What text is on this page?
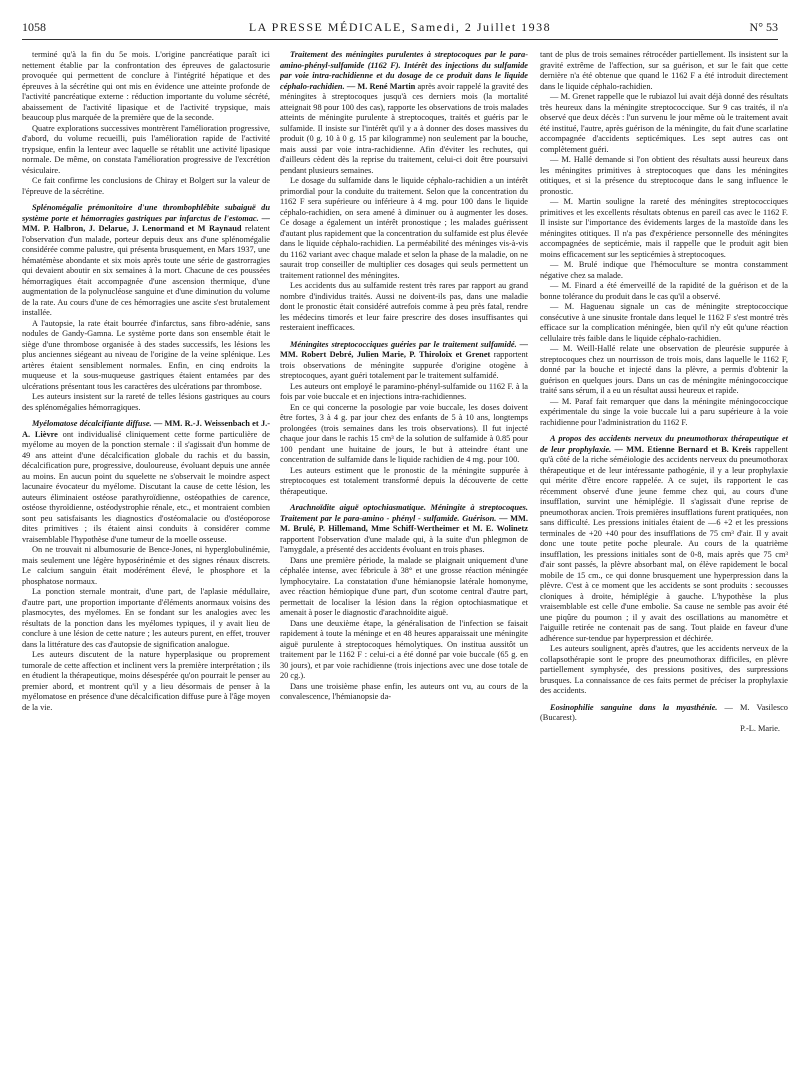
1058	LA PRESSE MÉDICALE, Samedi, 2 Juillet 1938	N° 53

terminé qu'à la fin du 5e mois. L'origine pancréatique paraît ici nettement établie par la confrontation des épreuves de galactosurie provoquée qui permettent de conclure à l'intégrité hépatique et des épreuves à la sécrétine qui ont mis en évidence une atteinte profonde de l'activité pancréatique externe : réduction importante du volume sécrété, abaissement de l'activité lipasique et de l'activité trypsique, mais beaucoup plus marquée de la première que de la seconde.

Quatre explorations successives montrèrent l'amélioration progressive, d'abord, du volume recueilli, puis l'amélioration rapide de l'activité trypsique, enfin la lenteur avec laquelle se rétablit une activité lipasique normale. De même, on constata l'amélioration progressive de l'excrétion vésiculaire.

Ce fait confirme les conclusions de Chiray et Bolgert sur la valeur de l'épreuve de la sécrétine.

Splénomégalie prémonitoire d'une thrombophlébite subaiguë du système porte et hémorragies gastriques par infarctus de l'estomac. — MM. P. Halbron, J. Delarue, J. Lenormand et M Raynaud relatent l'observation d'un malade, porteur depuis deux ans d'une splénomégalie considérée comme palustre, qui présenta brusquement, en Mars 1937, une hématémèse abondante et six mois après toute une série de gastrorragies qui devaient aboutir en six semaines à la mort. Chacune de ces poussées hémorragiques était accompagnée d'une ascension thermique, d'une augmentation de la polynucléose sanguine et d'une diminution du volume de la rate. Au cours d'une de ces hémorragies une ascite s'est brutalement installée.

A l'autopsie, la rate était bourrée d'infarctus, sans fibro-adénie, sans nodules de Gandy-Gamna. Le système porte dans son ensemble était le siège d'une thrombose organisée à des stades successifs, les lésions les plus anciennes siégeant au niveau de l'origine de la veine splénique. Les artères étaient sensiblement normales. Enfin, en cinq endroits la muqueuse et la sous-muqueuse gastriques étaient entamées par des ulcérations présentant tous les caractères des ulcérations par thrombose.

Les auteurs insistent sur la rareté de telles lésions gastriques au cours des splénomégalies hémorragiques.

Myélomatose décalcifiante diffuse. — MM. R.-J. Weissenbach et J.-A. Lièvre ont individualisé cliniquement cette forme particulière de myélome au moyen de la ponction sternale : il s'agissait d'un homme de 49 ans atteint d'une décalcification globale du rachis et du bassin, décalcification pure, progressive, douloureuse, évoluant depuis une année au moins. En aucun point du squelette ne s'observait le moindre aspect lacunaire évocateur du myélome. Discutant la cause de cette lésion, les auteurs éliminaient ostéose parathyroïdienne, ostéopathies de carence, ostéose thyroïdienne, ostéodystrophie rénale, etc., et montraient combien sont peu satisfaisants les diagnostics d'ostéomalacie ou d'ostéoporose dites primitives ; ils étaient ainsi conduits à considérer comme vraisemblable l'hypothèse d'une tumeur de la moelle osseuse.

On ne trouvait ni albumosurie de Bence-Jones, ni hyperglobulinémie, mais seulement une légère hyposérinémie et des signes rénaux discrets. Le calcium sanguin était modérément élevé, le phosphore et la phosphatose normaux.

La ponction sternale montrait, d'une part, de l'aplasie médullaire, d'autre part, une proportion importante d'éléments anormaux voisins des plasmocytes, des myélomes. En se fondant sur les analogies avec les résultats de la ponction dans les myélomes typiques, il y avait lieu de conclure à une lésion de cette nature ; les auteurs purent, en effet, trouver dans la littérature des cas d'autopsie de signification analogue.

Les auteurs discutent de la nature hyperplasique ou proprement tumorale de cette affection et inclinent vers la première interprétation ; ils en étudient la thérapeutique, moins désespérée qu'on pourrait le penser au premier abord, et montrent qu'il y a lieu désormais de penser à la myélomatose en présence d'une décalcification diffuse pure à l'âge moyen de la vie.

Traitement des méningites purulentes à streptocoques par le para-amino-phényl-sulfamide (1162 F). Intérêt des injections du sulfamide par voie intra-rachidienne et du dosage de ce produit dans le liquide céphalo-rachidien. — M. René Martin après avoir rappelé la gravité des méningites à streptocoques jusqu'à ces derniers mois (la mortalité atteignait 98 pour 100 des cas), rapporte les observations de trois malades atteints de méningite purulente à streptocoques, traités et guéris par le sulfamide. Il insiste sur l'intérêt qu'il y a à donner des doses massives du produit (0 g. 10 à 0 g. 15 par kilogramme) non seulement par la bouche, mais aussi par voie intra-rachidienne. Afin d'éviter les rechutes, qui d'ailleurs cèdent dès la reprise du traitement, celui-ci doit être poursuivi pendant plusieurs semaines.

Le dosage du sulfamide dans le liquide céphalo-rachidien a un intérêt primordial pour la conduite du traitement. Selon que la concentration du 1162 F sera supérieure ou inférieure à 4 mg. pour 100 dans le liquide céphalo-rachidien, on sera amené à diminuer ou à augmenter les doses. Ce dosage a également un intérêt pronostique ; les malades guérissent d'autant plus rapidement que la concentration du sulfamide est plus élevée dans le liquide céphalo-rachidien. La perméabilité des méninges vis-à-vis du 1162 variant avec chaque malade et selon la phase de la maladie, on ne saurait trop conseiller de multiplier ces dosages qui seuls permettent un traitement rationnel des méningites.

Les accidents dus au sulfamide restent très rares par rapport au grand nombre d'individus traités. Aussi ne doivent-ils pas, dans une maladie dont le pronostic était considéré autrefois comme à peu près fatal, rendre les médecins timorés et leur faire prescrire des doses insuffisantes qui resteraient inefficaces.

Méningites streptococciques guéries par le traitement sulfamidé. — MM. Robert Debré, Julien Marie, P. Thiroloix et Grenet rapportent trois observations de méningite suppurée d'origine otogène à streptocoques, ayant guéri totalement par le traitement sulfamidé.

Les auteurs ont employé le paramino-phényl-sulfamide ou 1162 F. à la fois par voie buccale et en injections intra-rachidiennes.

En ce qui concerne la posologie par voie buccale, les doses doivent être fortes, 3 à 4 g. par jour chez des enfants de 5 à 10 ans, longtemps prolongées (trois semaines dans les trois observations). Il fut injecté chaque jour dans le rachis 15 cm³ de la solution de sulfamide à 0.85 pour 100 pendant une huitaine de jours, le but à atteindre étant une concentration de sulfamide dans le liquide rachidien de 4 mg. pour 100.

Les auteurs estiment que le pronostic de la méningite suppurée à streptocoques est totalement transformé depuis la découverte de cette thérapeutique.

Arachnoïdite aiguë optochiasmatique. Méningite à streptocoques. Traitement par le para-amino - phényl - sulfamide. Guérison. — MM. M. Brulé, P. Hillemand, Mme Schiff-Wertheimer et M. E. Wolinetz rapportent l'observation d'une malade qui, à la suite d'un phlegmon de l'amygdale, a présenté des accidents évoluant en trois phases.

Dans une première période, la malade se plaignait uniquement d'une céphalée intense, avec fébricule à 38° et une grosse réaction méningée lymphocytaire. La constatation d'une hémianopsie latérale homonyme, avec réaction hémiopique d'une part, d'un scotome central d'autre part, permettait de localiser la lésion dans la région optochiasmatique et amenait à poser le diagnostic d'arachnoïdite aiguë.

Dans une deuxième étape, la généralisation de l'infection se faisait rapidement à toute la méninge et en 48 heures apparaissait une méningite aiguë purulente à streptocoques hémolytiques. On institua aussitôt un traitement par le 1162 F : celui-ci a été donné par voie buccale (65 g. en 30 jours), et par voie rachidienne (trois injections avec une dose totale de 20 cg.).

Dans une troisième phase enfin, les auteurs ont vu, au cours de la convalescence, l'hémianopsie da-

tant de plus de trois semaines rétrocéder partiellement. Ils insistent sur la gravité extrême de l'affection, sur sa guérison, et sur le fait que cette dernière n'a été obtenue que quand le 1162 F a été introduit directement dans le liquide céphalo-rachidien.

— M. Grenet rappelle que le rubiazol lui avait déjà donné des résultats très heureux dans la méningite streptococcique. Sur 9 cas traités, il n'a observé que deux décès : l'un survenu le jour même où le traitement avait été institué, l'autre, après guérison de la méningite, du fait d'une scarlatine accompagnée d'accidents septicémiques. Les sept autres cas ont complètement guéri.

— M. Hallé demande si l'on obtient des résultats aussi heureux dans les méningites primitives à streptocoques que dans les méningites otitiques, et si la présence du streptocoque dans le sang influence le pronostic.

— M. Martin souligne la rareté des méningites streptococciques primitives et les excellents résultats obtenus en pareil cas avec le 1162 F. Il insiste sur l'importance des évidements larges de la mastoïde dans les méningites otitiques. Il n'a pas d'expérience personnelle des méningites accompagnées de septicémie, mais il rappelle que le produit agit bien moins efficacement sur les septicémies à streptocoques.

— M. Brulé indique que l'hémoculture se montra constamment négative chez sa malade.

— M. Finard a été émerveillé de la rapidité de la guérison et de la bonne tolérance du produit dans le cas qu'il a observé.

— M. Haguenau signale un cas de méningite streptococcique consécutive à une sinusite frontale dans lequel le 1162 F s'est montré très efficace sur la complication méningée, bien qu'il n'y eût qu'une réaction cellulaire très faible dans le liquide céphalo-rachidien.

— M. Weill-Hallé relate une observation de pleurésie suppurée à streptocoques chez un nourrisson de trois mois, dans laquelle le 1162 F, donné par la bouche et injecté dans la plèvre, a permis d'obtenir la guérison en quelques jours. Dans un cas de méningite méningococcique traité sans sérum, il a eu un résultat aussi heureux et rapide.

— M. Paraf fait remarquer que dans la méningite méningococcique expérimentale du singe la voie buccale lui a paru supérieure à la voie rachidienne pour l'administration du 1162 F.

A propos des accidents nerveux du pneumothorax thérapeutique et de leur prophylaxie. — MM. Etienne Bernard et B. Kreis rappellent qu'à côté de la riche séméiologie des accidents nerveux du pneumothorax thérapeutique et de leur intéressante pathogénie, il y a leur prophylaxie qui mérite d'être encore rappelée. A ce sujet, ils rapportent le cas récemment observé d'une jeune femme chez qui, au cours d'une insufflation, survint une hémiplégie. Il s'agissait d'une reprise de pneumothorax ancien. Trois premières insufflations furent pratiquées, non sans difficulté. Les pressions initiales étaient de —6 +2 et les pressions terminales de +20 +40 pour des insufflations de 75 cm³ d'air. Il y avait donc une toute petite poche pleurale. Au cours de la quatrième insufflation, les pressions initiales sont de 0-8, mais après que 75 cm³ d'air sont passés, la plèvre absorbant mal, on élève rapidement le bocal mobile de 15 cm., ce qui donne brusquement une hyperpression dans la plèvre. C'est à ce moment que les accidents se sont produits : secousses cloniques à droite, hémiplégie à gauche. L'hypothèse la plus vraisemblable est celle d'une embolie. Sa cause ne semble pas avoir été une piqûre du poumon ; il y avait des oscillations au manomètre et l'aiguille retirée ne contenait pas de sang. Tout plaide en faveur d'une adhérence sur-tendue par hyperpression et déchirée.

Les auteurs soulignent, après d'autres, que les accidents nerveux de la collapsothérapie sont le propre des pneumothorax difficiles, en plèvre partiellement symphysée, des pressions positives, des surpressions brusques. La connaissance de ces faits permet de préciser la prophylaxie des accidents.

Eosinophilie sanguine dans la myasthénie. — M. Vasilesco (Bucarest).

P.-L. Marie.
